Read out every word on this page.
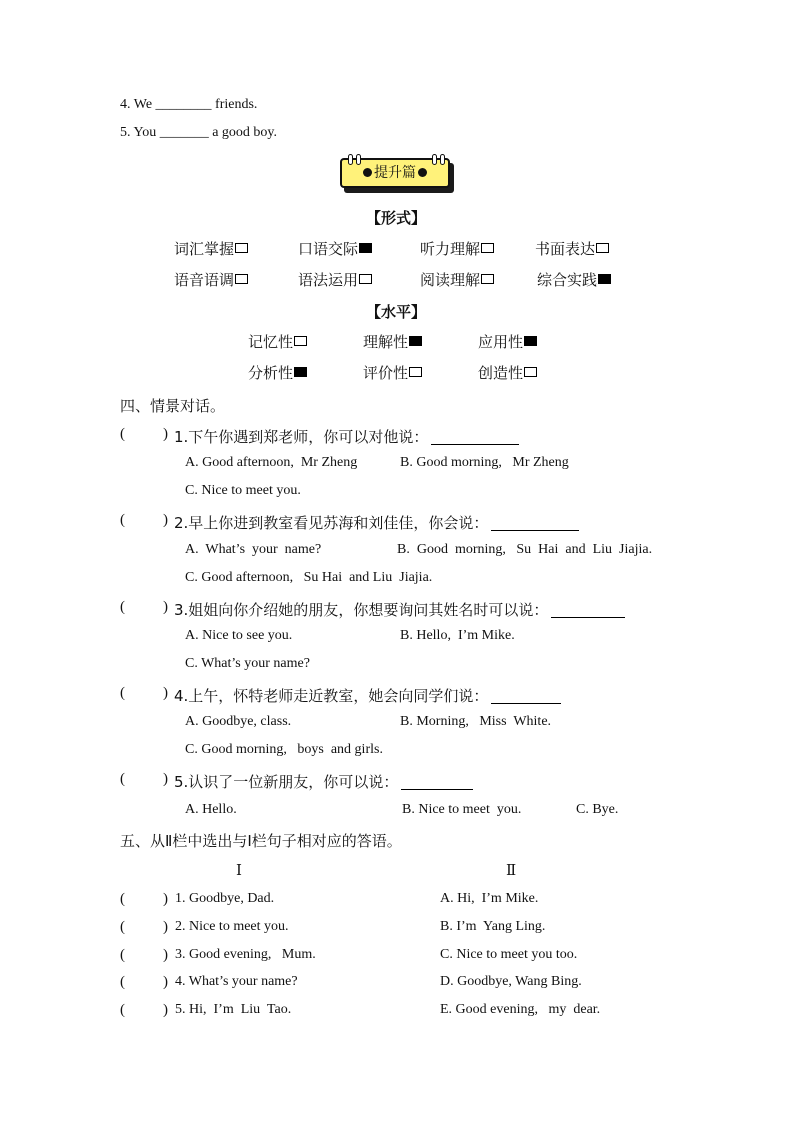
4. We ________ friends.
5. You _______ a good boy.
提升篇
【形式】
词汇掌握	口语交际	听力理解	书面表达
语音语调	语法运用	阅读理解	综合实践
【水平】
记忆性	理解性	应用性
分析性	评价性	创造性
四、情景对话。
(	) 1.下午你遇到郑老师，你可以对他说：
A. Good afternoon,  Mr Zheng	B. Good morning,   Mr Zheng
C. Nice to meet you.
(	) 2.早上你进到教室看见苏海和刘佳佳，你会说：
A.  What’s  your  name?	B.  Good  morning,   Su  Hai  and  Liu  Jiajia.
C. Good afternoon,   Su Hai  and Liu  Jiajia.
(	) 3.姐姐向你介绍她的朋友，你想要询问其姓名时可以说：
A. Nice to see you.	B. Hello,  I’m Mike.
C. What’s your name?
(	) 4.上午，怀特老师走近教室，她会向同学们说：
A. Goodbye, class.	B. Morning,   Miss  White.
C. Good morning,   boys  and girls.
(	) 5.认识了一位新朋友，你可以说：
A. Hello.	B. Nice to meet  you.	C. Bye.
五、从Ⅱ栏中选出与Ⅰ栏句子相对应的答语。
Ⅰ	Ⅱ
(	) 1. Goodbye, Dad.	A. Hi,  I’m Mike.
(	) 2. Nice to meet you.	B. I’m  Yang Ling.
(	) 3. Good evening,   Mum.	C. Nice to meet you too.
(	) 4. What’s your name?	D. Goodbye, Wang Bing.
(	) 5. Hi,  I’m  Liu  Tao.	E. Good evening,   my  dear.
